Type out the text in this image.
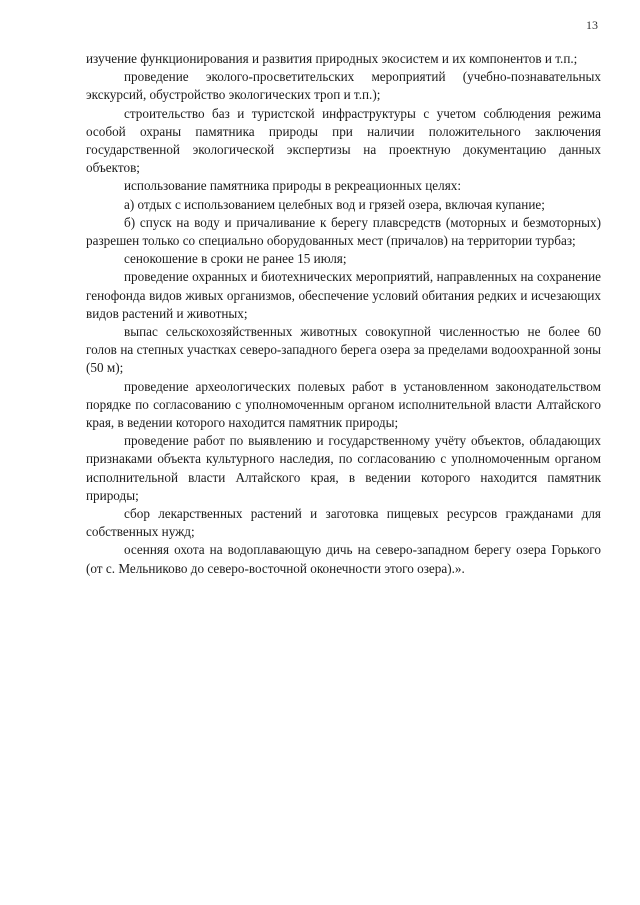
13

изучение функционирования и развития природных экосистем и их компонентов и т.п.;

проведение эколого-просветительских мероприятий (учебно-познавательных экскурсий, обустройство экологических троп и т.п.);

строительство баз и туристской инфраструктуры с учетом соблюдения режима особой охраны памятника природы при наличии положительного заключения государственной экологической экспертизы на проектную документацию данных объектов;

использование памятника природы в рекреационных целях:

а) отдых с использованием целебных вод и грязей озера, включая купание;

б) спуск на воду и причаливание к берегу плавсредств (моторных и безмоторных) разрешен только со специально оборудованных мест (причалов) на территории турбаз;

сенокошение в сроки не ранее 15 июля;

проведение охранных и биотехнических мероприятий, направленных на сохранение генофонда видов живых организмов, обеспечение условий обитания редких и исчезающих видов растений и животных;

выпас сельскохозяйственных животных совокупной численностью не более 60 голов на степных участках северо-западного берега озера за пределами водоохранной зоны (50 м);

проведение археологических полевых работ в установленном законодательством порядке по согласованию с уполномоченным органом исполнительной власти Алтайского края, в ведении которого находится памятник природы;

проведение работ по выявлению и государственному учёту объектов, обладающих признаками объекта культурного наследия, по согласованию с уполномоченным органом исполнительной власти Алтайского края, в ведении которого находится памятник природы;

сбор лекарственных растений и заготовка пищевых ресурсов гражданами для собственных нужд;

осенняя охота на водоплавающую дичь на северо-западном берегу озера Горького (от с. Мельниково до северо-восточной оконечности этого озера).».
